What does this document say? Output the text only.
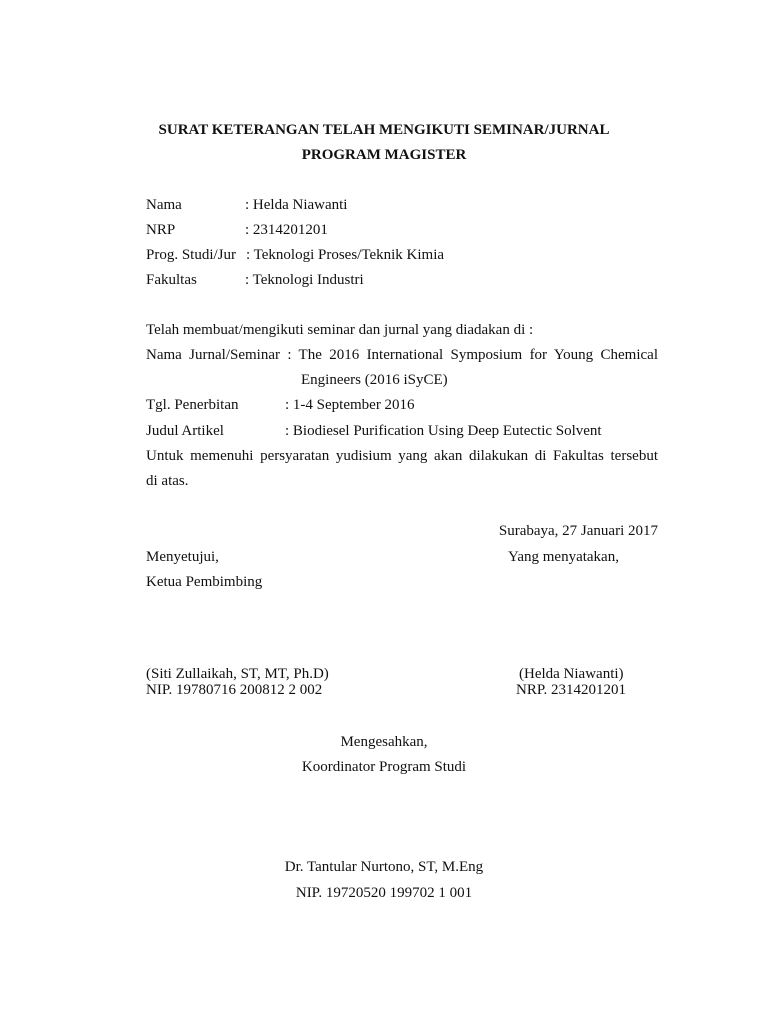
SURAT KETERANGAN TELAH MENGIKUTI SEMINAR/JURNAL
PROGRAM MAGISTER
Nama	: Helda Niawanti
NRP	: 2314201201
Prog. Studi/Jur : Teknologi Proses/Teknik Kimia
Fakultas	: Teknologi Industri
Telah membuat/mengikuti seminar dan jurnal yang diadakan di :
Nama Jurnal/Seminar : The 2016 International Symposium for Young Chemical
Engineers (2016 iSyCE)
Tgl. Penerbitan	: 1-4 September 2016
Judul Artikel	: Biodiesel Purification Using Deep Eutectic Solvent
Untuk memenuhi persyaratan yudisium yang akan dilakukan di Fakultas tersebut
di atas.
Surabaya, 27 Januari 2017
Menyetujui,
Ketua Pembimbing
(Siti Zullaikah, ST, MT, Ph.D)
NIP. 19780716 200812 2 002
Yang menyatakan,
(Helda Niawanti)
NRP. 2314201201
Mengesahkan,
Koordinator Program Studi
Dr. Tantular Nurtono, ST, M.Eng
NIP. 19720520 199702 1 001
